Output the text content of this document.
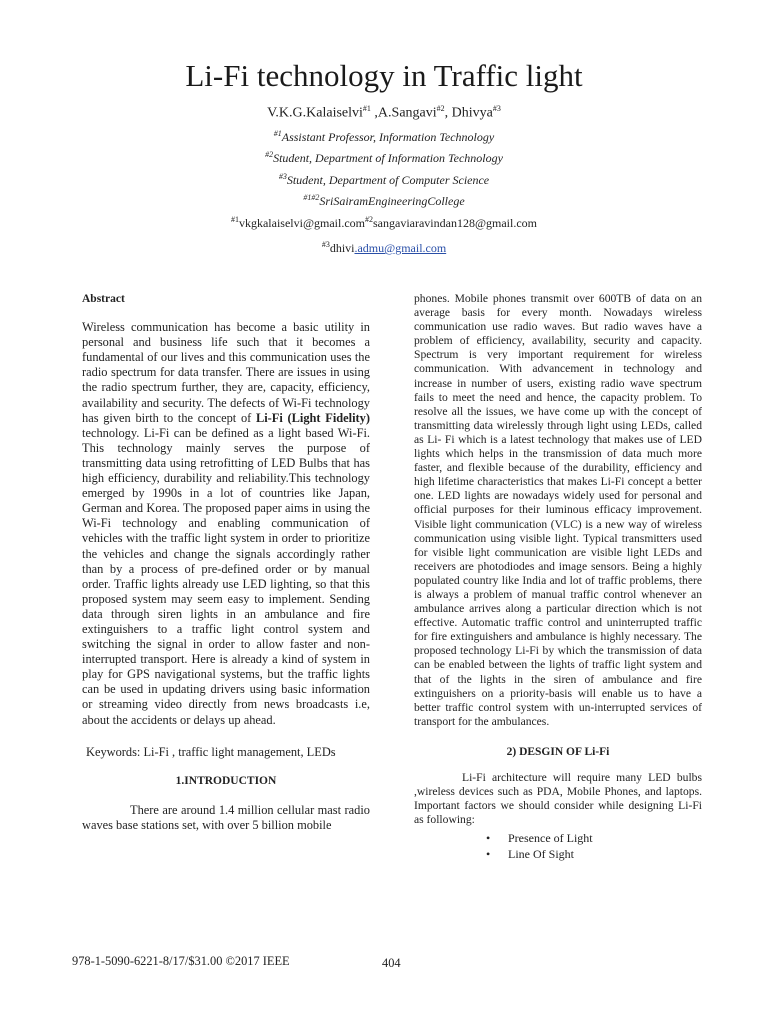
Li-Fi technology in Traffic light
V.K.G.Kalaiselvi$^{\#1}$ ,A.Sangavi$^{\#2}$, Dhivya$^{\#3}$
$^{\#1}$Assistant Professor, Information Technology
$^{\#2}$Student, Department of Information Technology
$^{\#3}$Student, Department of Computer Science
$^{\#1\#2}$SriSairamEngineeringCollege
$^{\#1}$vkgkalaiselvi@gmail.com$^{\#2}$sangaviaravindan128@gmail.com
$^{\#3}$dhivi.admu@gmail.com

Abstract

Wireless communication has become a basic utility in personal and business life such that it becomes a fundamental of our lives and this communication uses the radio spectrum for data transfer. There are issues in using the radio spectrum further, they are, capacity, efficiency, availability and security. The defects of Wi-Fi technology has given birth to the concept of Li-Fi (Light Fidelity) technology. Li-Fi can be defined as a light based Wi-Fi. This technology mainly serves the purpose of transmitting data using retrofitting of LED Bulbs that has high efficiency, durability and reliability.This technology emerged by 1990s in a lot of countries like Japan, German and Korea. The proposed paper aims in using the Wi-Fi technology and enabling communication of vehicles with the traffic light system in order to prioritize the vehicles and change the signals accordingly rather than by a process of pre-defined order or by manual order. Traffic lights already use LED lighting, so that this proposed system may seem easy to implement. Sending data through siren lights in an ambulance and fire extinguishers to a traffic light control system and switching the signal in order to allow faster and non-interrupted transport. Here is already a kind of system in play for GPS navigational systems, but the traffic lights can be used in updating drivers using basic information or streaming video directly from news broadcasts i.e, about the accidents or delays up ahead.

Keywords: Li-Fi , traffic light management, LEDs

1.INTRODUCTION

There are around 1.4 million cellular mast radio waves base stations set, with over 5 billion mobile

phones. Mobile phones transmit over 600TB of data on an average basis for every month. Nowadays wireless communication use radio waves. But radio waves have a problem of efficiency, availability, security and capacity. Spectrum is very important requirement for wireless communication. With advancement in technology and increase in number of users, existing radio wave spectrum fails to meet the need and hence, the capacity problem. To resolve all the issues, we have come up with the concept of transmitting data wirelessly through light using LEDs, called as Li- Fi which is a latest technology that makes use of LED lights which helps in the transmission of data much more faster, and flexible because of the durability, efficiency and high lifetime characteristics that makes Li-Fi concept a better one. LED lights are nowadays widely used for personal and official purposes for their luminous efficacy improvement. Visible light communication (VLC) is a new way of wireless communication using visible light. Typical transmitters used for visible light communication are visible light LEDs and receivers are photodiodes and image sensors. Being a highly populated country like India and lot of traffic problems, there is always a problem of manual traffic control whenever an ambulance arrives along a particular direction which is not effective. Automatic traffic control and uninterrupted traffic for fire extinguishers and ambulance is highly necessary. The proposed technology Li-Fi by which the transmission of data can be enabled between the lights of traffic light system and that of the lights in the siren of ambulance and fire extinguishers on a priority-basis will enable us to have a better traffic control system with un-interrupted services of transport for the ambulances.

2) DESGIN OF Li-Fi

Li-Fi architecture will require many LED bulbs ,wireless devices such as PDA, Mobile Phones, and laptops. Important factors we should consider while designing Li-Fi as following:

• Presence of Light
• Line Of Sight
978-1-5090-6221-8/17/$31.00 ©2017 IEEE	404
